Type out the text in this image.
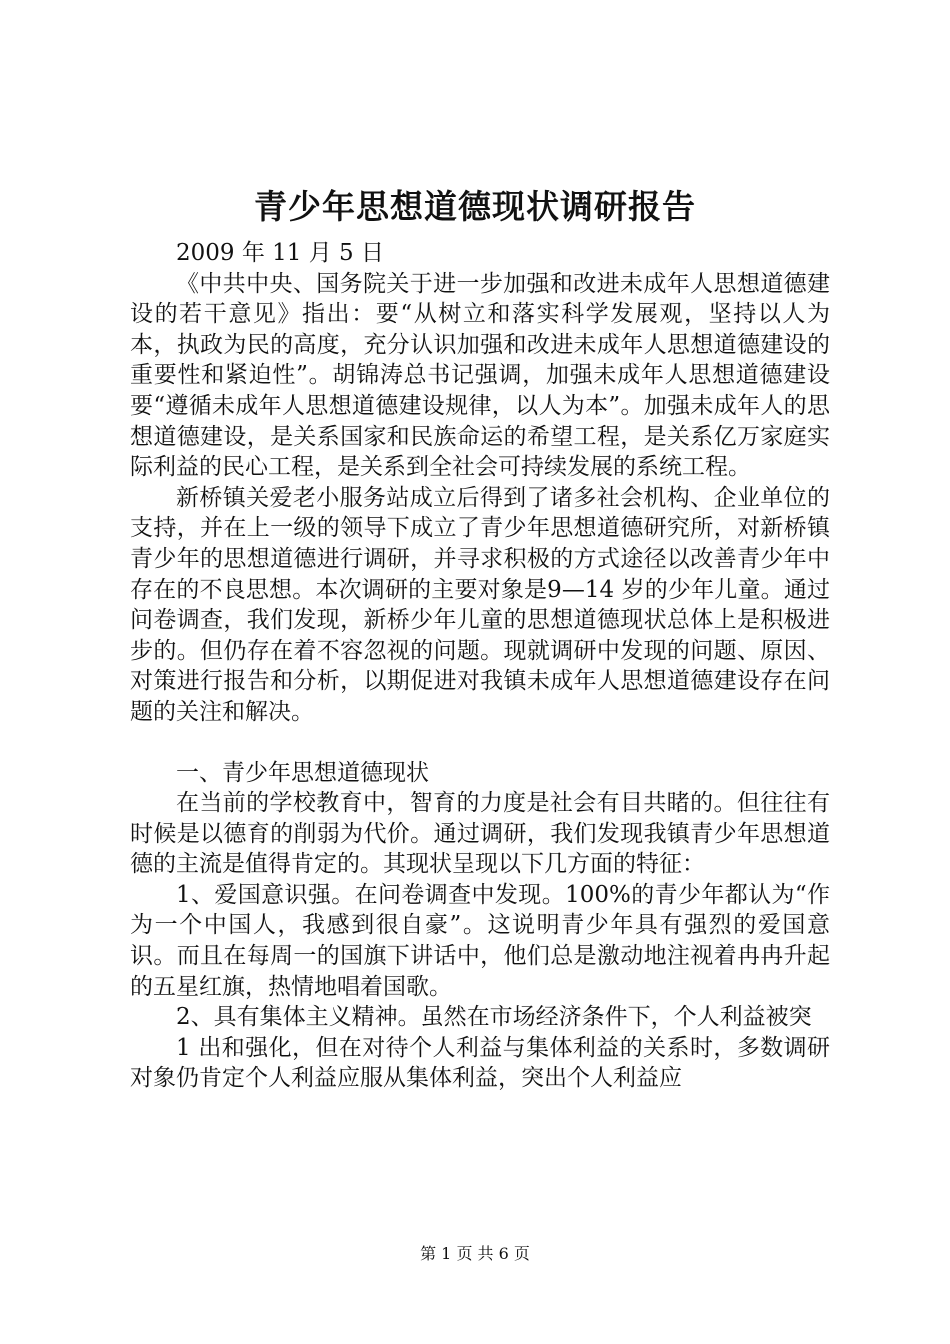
青少年思想道德现状调研报告

2009 年 11 月 5 日

《中共中央、国务院关于进一步加强和改进未成年人思想道德建设的若干意见》指出：要“从树立和落实科学发展观，坚持以人为本，执政为民的高度，充分认识加强和改进未成年人思想道德建设的重要性和紧迫性”。胡锦涛总书记强调，加强未成年人思想道德建设要“遵循未成年人思想道德建设规律，以人为本”。加强未成年人的思想道德建设，是关系国家和民族命运的希望工程，是关系亿万家庭实际利益的民心工程，是关系到全社会可持续发展的系统工程。

新桥镇关爱老小服务站成立后得到了诸多社会机构、企业单位的支持，并在上一级的领导下成立了青少年思想道德研究所，对新桥镇青少年的思想道德进行调研，并寻求积极的方式途径以改善青少年中存在的不良思想。本次调研的主要对象是9—14 岁的少年儿童。通过问卷调查，我们发现，新桥少年儿童的思想道德现状总体上是积极进步的。但仍存在着不容忽视的问题。现就调研中发现的问题、原因、对策进行报告和分析，以期促进对我镇未成年人思想道德建设存在问题的关注和解决。

一、青少年思想道德现状

在当前的学校教育中，智育的力度是社会有目共睹的。但往往有时候是以德育的削弱为代价。通过调研，我们发现我镇青少年思想道德的主流是值得肯定的。其现状呈现以下几方面的特征：

1、爱国意识强。在问卷调查中发现。100%的青少年都认为“作为一个中国人，我感到很自豪”。这说明青少年具有强烈的爱国意识。而且在每周一的国旗下讲话中，他们总是激动地注视着冉冉升起的五星红旗，热情地唱着国歌。

2、具有集体主义精神。虽然在市场经济条件下，个人利益被突

1 出和强化，但在对待个人利益与集体利益的关系时，多数调研对象仍肯定个人利益应服从集体利益，突出个人利益应

第 1 页 共 6 页
